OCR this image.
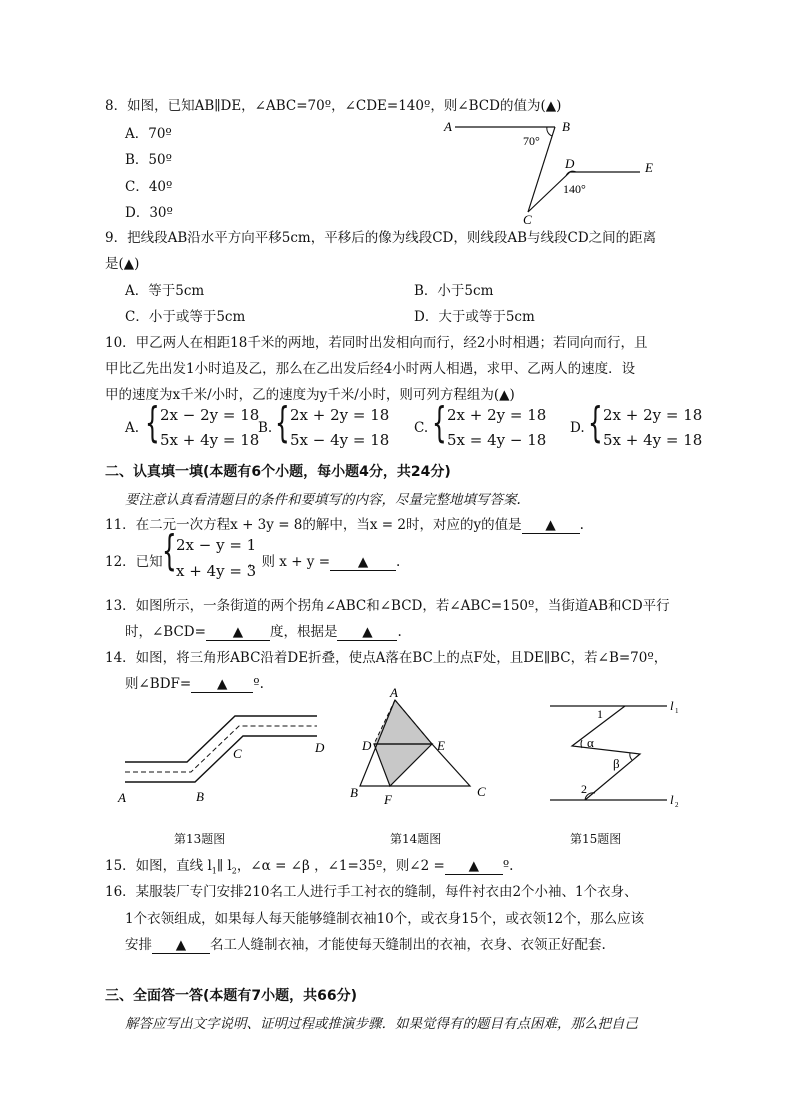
8．如图，已知AB∥DE，∠ABC=70º，∠CDE=140º，则∠BCD的值为(▲)
A．70º
B．50º
C．40º
D．30º
A	B
C
D	E
70°
140°
9．把线段AB沿水平方向平移5cm，平移后的像为线段CD，则线段AB与线段CD之间的距离
是(▲)
A．等于5cm	B．小于5cm
C．小于或等于5cm	D．大于或等于5cm
10．甲乙两人在相距18千米的两地，若同时出发相向而行，经2小时相遇；若同向而行，且
甲比乙先出发1小时追及乙，那么在乙出发后经4小时两人相遇，求甲、乙两人的速度．设
甲的速度为x千米/小时，乙的速度为y千米/小时，则可列方程组为(▲)
A. { 2x − 2y = 18
5x + 4y = 18
B. { 2x + 2y = 18
5x − 4y = 18
C. { 2x + 2y = 18
5x = 4y − 18
D. { 2x + 2y = 18
5x + 4y = 18
二、认真填一填(本题有6个小题，每小题4分，共24分)
要注意认真看清题目的条件和要填写的内容，尽量完整地填写答案.
11．在二元一次方程x + 3y = 8的解中，当x = 2时，对应的y的值是 ▲ .
12．已知 { 2x − y = 1
x + 4y = 3
，则 x + y = ▲ .
13．如图所示，一条街道的两个拐角∠ABC和∠BCD，若∠ABC=150º，当街道AB和CD平行
时，∠BCD= ▲ 度，根据是 ▲ .
14．如图，将三角形ABC沿着DE折叠，使点A落在BC上的点F处，且DE∥BC，若∠B=70º，
则∠BDF= ▲ º.
A	B
C	D
A
B	C
D	E
F
l 1
l 2
1
2
α
β
第13题图	第14题图	第15题图
15．如图，直线 $l_1\parallel$ $l_2$，∠α = ∠β ，∠1=35º，则∠2 = ▲ º.
16．某服装厂专门安排210名工人进行手工衬衣的缝制，每件衬衣由2个小袖、1个衣身、
1个衣领组成，如果每人每天能够缝制衣袖10个，或衣身15个，或衣领12个，那么应该
安排 ▲ 名工人缝制衣袖，才能使每天缝制出的衣袖，衣身、衣领正好配套.
三、全面答一答(本题有7小题，共66分)
解答应写出文字说明、证明过程或推演步骤．如果觉得有的题目有点困难，那么把自己
